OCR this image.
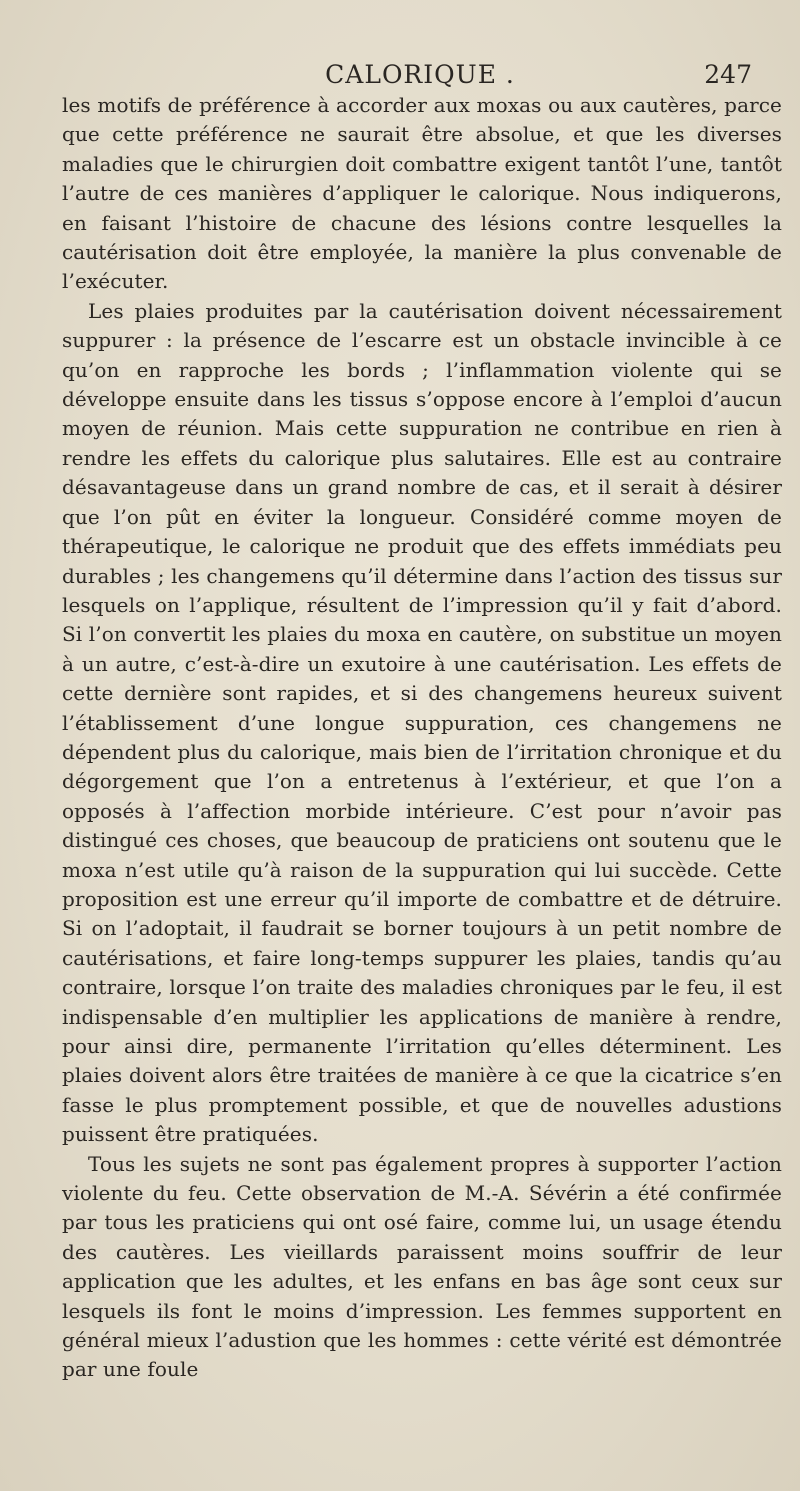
CALORIQUE .	247

les motifs de préférence à accorder aux moxas ou aux cautères, parce que cette préférence ne saurait être absolue, et que les diverses maladies que le chirurgien doit combattre exigent tantôt l’une, tantôt l’autre de ces manières d’appliquer le calorique. Nous indiquerons, en faisant l’histoire de chacune des lésions contre lesquelles la cautérisation doit être employée, la manière la plus convenable de l’exécuter.

Les plaies produites par la cautérisation doivent nécessairement suppurer : la présence de l’escarre est un obstacle invincible à ce qu’on en rapproche les bords ; l’inflammation violente qui se développe ensuite dans les tissus s’oppose encore à l’emploi d’aucun moyen de réunion. Mais cette suppuration ne contribue en rien à rendre les effets du calorique plus salutaires. Elle est au contraire désavantageuse dans un grand nombre de cas, et il serait à désirer que l’on pût en éviter la longueur. Considéré comme moyen de thérapeutique, le calorique ne produit que des effets immédiats peu durables ; les changemens qu’il détermine dans l’action des tissus sur lesquels on l’applique, résultent de l’impression qu’il y fait d’abord. Si l’on convertit les plaies du moxa en cautère, on substitue un moyen à un autre, c’est-à-dire un exutoire à une cautérisation. Les effets de cette dernière sont rapides, et si des changemens heureux suivent l’établissement d’une longue suppuration, ces changemens ne dépendent plus du calorique, mais bien de l’irritation chronique et du dégorgement que l’on a entretenus à l’extérieur, et que l’on a opposés à l’affection morbide intérieure. C’est pour n’avoir pas distingué ces choses, que beaucoup de praticiens ont soutenu que le moxa n’est utile qu’à raison de la suppuration qui lui succède. Cette proposition est une erreur qu’il importe de combattre et de détruire. Si on l’adoptait, il faudrait se borner toujours à un petit nombre de cautérisations, et faire long-temps suppurer les plaies, tandis qu’au contraire, lorsque l’on traite des maladies chroniques par le feu, il est indispensable d’en multiplier les applications de manière à rendre, pour ainsi dire, permanente l’irritation qu’elles déterminent. Les plaies doivent alors être traitées de manière à ce que la cicatrice s’en fasse le plus promptement possible, et que de nouvelles adustions puissent être pratiquées.

Tous les sujets ne sont pas également propres à supporter l’action violente du feu. Cette observation de M.-A. Sévérin a été confirmée par tous les praticiens qui ont osé faire, comme lui, un usage étendu des cautères. Les vieillards paraissent moins souffrir de leur application que les adultes, et les enfans en bas âge sont ceux sur lesquels ils font le moins d’impression. Les femmes supportent en général mieux l’adustion que les hommes : cette vérité est démontrée par une foule
